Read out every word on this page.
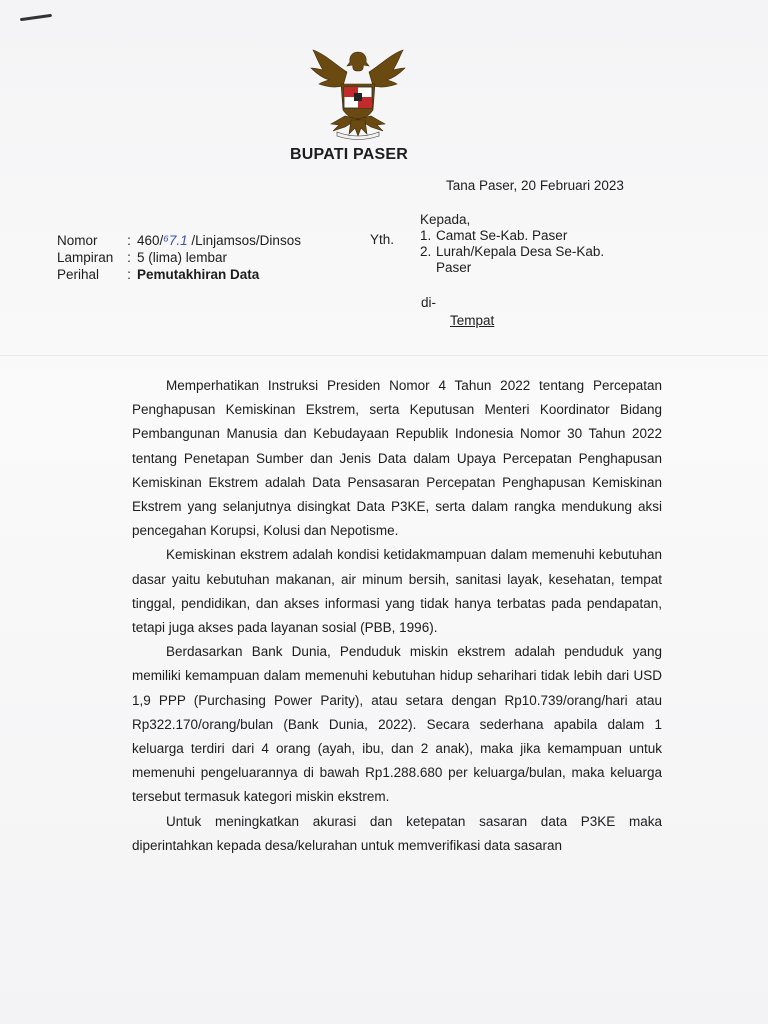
BUPATI PASER
Tana Paser, 20 Februari 2023
Kepada,
1. Camat Se-Kab. Paser
2. Lurah/Kepala Desa Se-Kab.
Paser
Yth.
Nomor	: 460/⁶7.1 /Linjamsos/Dinsos
Lampiran	: 5 (lima) lembar
Perihal	: Pemutakhiran Data
di-
Tempat

Memperhatikan Instruksi Presiden Nomor 4 Tahun 2022 tentang Percepatan Penghapusan Kemiskinan Ekstrem, serta Keputusan Menteri Koordinator Bidang Pembangunan Manusia dan Kebudayaan Republik Indonesia Nomor 30 Tahun 2022 tentang Penetapan Sumber dan Jenis Data dalam Upaya Percepatan Penghapusan Kemiskinan Ekstrem adalah Data Pensasaran Percepatan Penghapusan Kemiskinan Ekstrem yang selanjutnya disingkat Data P3KE, serta dalam rangka mendukung aksi pencegahan Korupsi, Kolusi dan Nepotisme.

Kemiskinan ekstrem adalah kondisi ketidakmampuan dalam memenuhi kebutuhan dasar yaitu kebutuhan makanan, air minum bersih, sanitasi layak, kesehatan, tempat tinggal, pendidikan, dan akses informasi yang tidak hanya terbatas pada pendapatan, tetapi juga akses pada layanan sosial (PBB, 1996).

Berdasarkan Bank Dunia, Penduduk miskin ekstrem adalah penduduk yang memiliki kemampuan dalam memenuhi kebutuhan hidup seharihari tidak lebih dari USD 1,9 PPP (Purchasing Power Parity), atau setara dengan Rp10.739/orang/hari atau Rp322.170/orang/bulan (Bank Dunia, 2022). Secara sederhana apabila dalam 1 keluarga terdiri dari 4 orang (ayah, ibu, dan 2 anak), maka jika kemampuan untuk memenuhi pengeluarannya di bawah Rp1.288.680 per keluarga/bulan, maka keluarga tersebut termasuk kategori miskin ekstrem.

Untuk meningkatkan akurasi dan ketepatan sasaran data P3KE maka diperintahkan kepada desa/kelurahan untuk memverifikasi data sasaran
